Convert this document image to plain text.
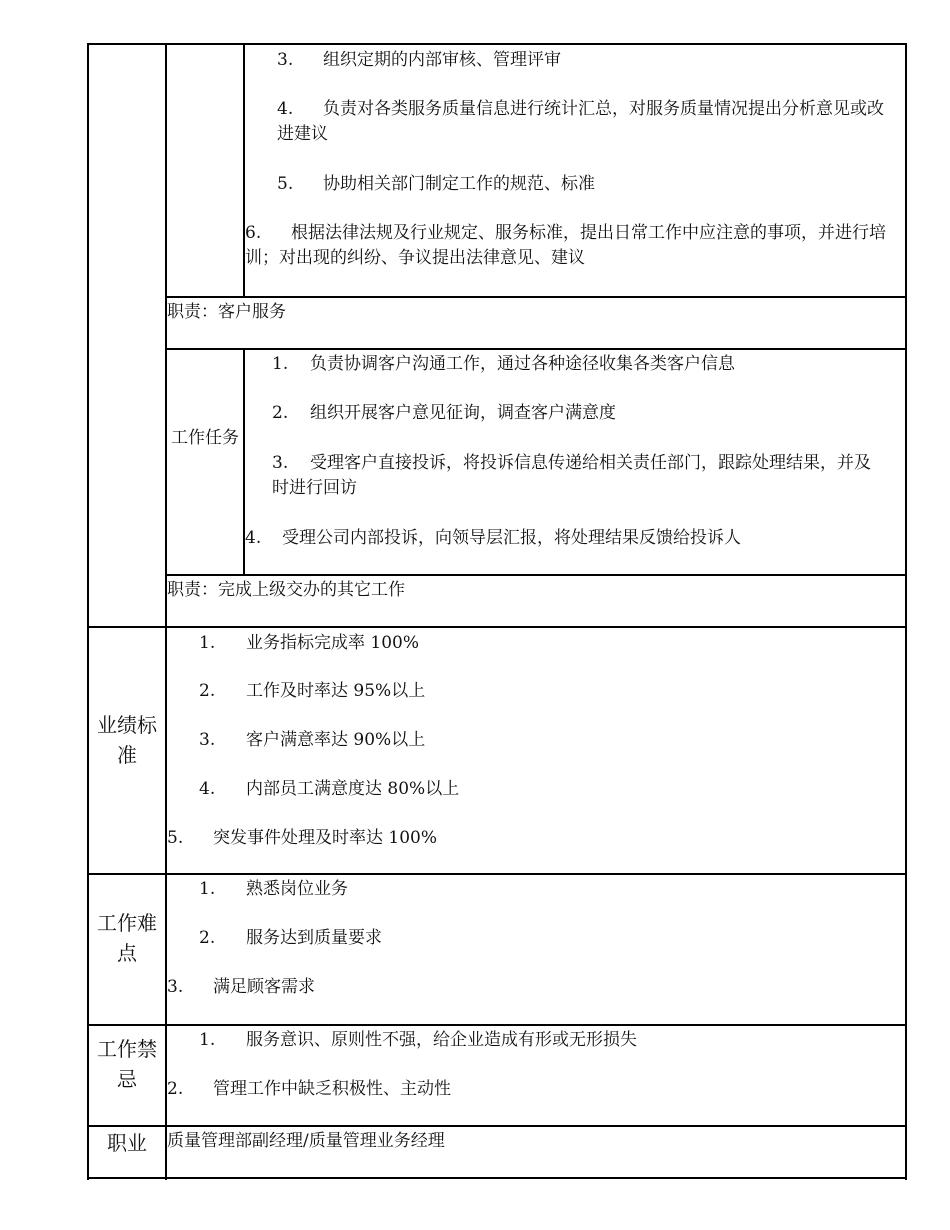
3. 组织定期的内部审核、管理评审
4.	负责对各类服务质量信息进行统计汇总，对服务质量情况提出分析意见或改进建议
5. 协助相关部门制定工作的规范、标准
6.	根据法律法规及行业规定、服务标准，提出日常工作中应注意的事项，并进行培训；对出现的纠纷、争议提出法律意见、建议
职责：客户服务
工作任务
1. 负责协调客户沟通工作，通过各种途径收集各类客户信息
2. 组织开展客户意见征询，调查客户满意度
3.	受理客户直接投诉，将投诉信息传递给相关责任部门，跟踪处理结果，并及时进行回访
4. 受理公司内部投诉，向领导层汇报，将处理结果反馈给投诉人
职责：完成上级交办的其它工作
业绩标准
1. 业务指标完成率 100%
2. 工作及时率达 95%以上
3. 客户满意率达 90%以上
4. 内部员工满意度达 80%以上
5. 突发事件处理及时率达 100%
工作难点
1. 熟悉岗位业务
2. 服务达到质量要求
3. 满足顾客需求
工作禁忌
1. 服务意识、原则性不强，给企业造成有形或无形损失
2. 管理工作中缺乏积极性、主动性
职业	质量管理部副经理/质量管理业务经理
